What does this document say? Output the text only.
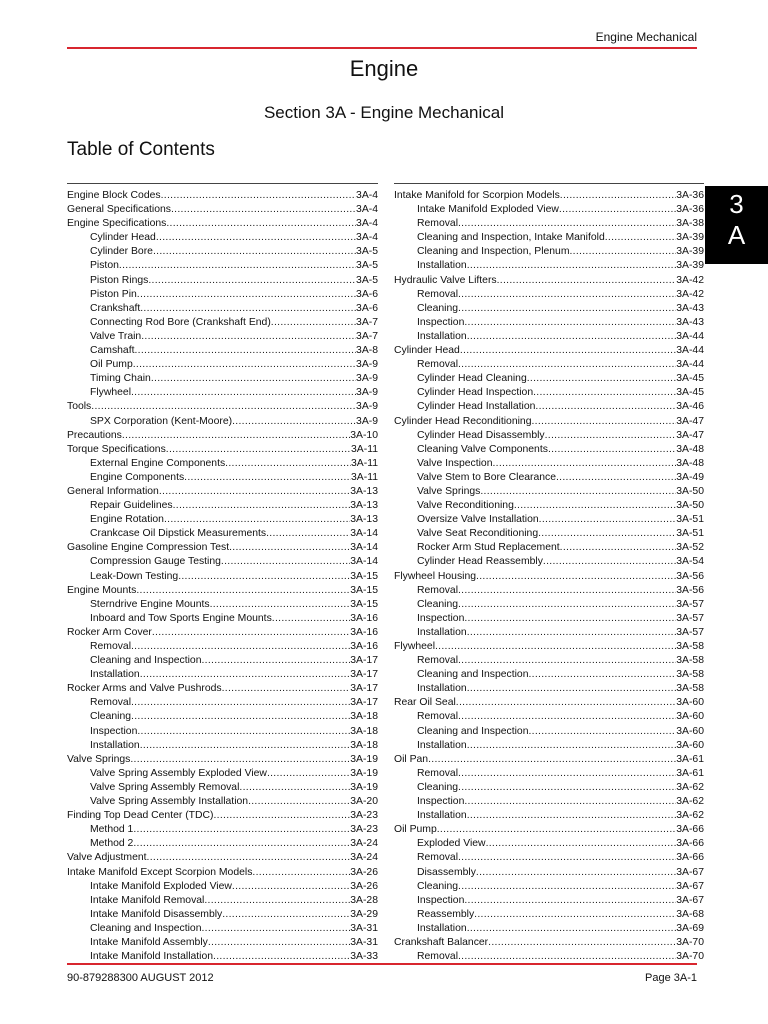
Engine Mechanical
Engine
Section 3A - Engine Mechanical
Table of Contents
Engine Block Codes .....	3A-4
General Specifications .....	3A-4
Engine Specifications .....	3A-4
Cylinder Head .....	3A-4
Cylinder Bore .....	3A-5
Piston .....	3A-5
Piston Rings .....	3A-5
Piston Pin .....	3A-6
Crankshaft .....	3A-6
Connecting Rod Bore (Crankshaft End) .....	3A-7
Valve Train .....	3A-7
Camshaft .....	3A-8
Oil Pump .....	3A-9
Timing Chain .....	3A-9
Flywheel .....	3A-9
Tools .....	3A-9
SPX Corporation (Kent-Moore) .....	3A-9
Precautions .....	3A-10
Torque Specifications .....	3A-11
External Engine Components .....	3A-11
Engine Components .....	3A-11
General Information .....	3A-13
Repair Guidelines .....	3A-13
Engine Rotation .....	3A-13
Crankcase Oil Dipstick Measurements .....	3A-14
Gasoline Engine Compression Test .....	3A-14
Compression Gauge Testing .....	3A-14
Leak-Down Testing .....	3A-15
Engine Mounts .....	3A-15
Sterndrive Engine Mounts .....	3A-15
Inboard and Tow Sports Engine Mounts .....	3A-16
Rocker Arm Cover .....	3A-16
Removal .....	3A-16
Cleaning and Inspection .....	3A-17
Installation .....	3A-17
Rocker Arms and Valve Pushrods .....	3A-17
Removal .....	3A-17
Cleaning .....	3A-18
Inspection .....	3A-18
Installation .....	3A-18
Valve Springs .....	3A-19
Valve Spring Assembly Exploded View .....	3A-19
Valve Spring Assembly Removal .....	3A-19
Valve Spring Assembly Installation .....	3A-20
Finding Top Dead Center (TDC) .....	3A-23
Method 1 .....	3A-23
Method 2 .....	3A-24
Valve Adjustment .....	3A-24
Intake Manifold Except Scorpion Models .....	3A-26
Intake Manifold Exploded View .....	3A-26
Intake Manifold Removal .....	3A-28
Intake Manifold Disassembly .....	3A-29
Cleaning and Inspection .....	3A-31
Intake Manifold Assembly .....	3A-31
Intake Manifold Installation .....	3A-33
Intake Manifold for Scorpion Models .....	3A-36
Intake Manifold Exploded View .....	3A-36
Removal .....	3A-38
Cleaning and Inspection, Intake Manifold .....	3A-39
Cleaning and Inspection, Plenum .....	3A-39
Installation .....	3A-39
Hydraulic Valve Lifters .....	3A-42
Removal .....	3A-42
Cleaning .....	3A-43
Inspection .....	3A-43
Installation .....	3A-44
Cylinder Head .....	3A-44
Removal .....	3A-44
Cylinder Head Cleaning .....	3A-45
Cylinder Head Inspection .....	3A-45
Cylinder Head Installation .....	3A-46
Cylinder Head Reconditioning .....	3A-47
Cylinder Head Disassembly .....	3A-47
Cleaning Valve Components .....	3A-48
Valve Inspection .....	3A-48
Valve Stem to Bore Clearance .....	3A-49
Valve Springs .....	3A-50
Valve Reconditioning .....	3A-50
Oversize Valve Installation .....	3A-51
Valve Seat Reconditioning .....	3A-51
Rocker Arm Stud Replacement .....	3A-52
Cylinder Head Reassembly .....	3A-54
Flywheel Housing .....	3A-56
Removal .....	3A-56
Cleaning .....	3A-57
Inspection .....	3A-57
Installation .....	3A-57
Flywheel .....	3A-58
Removal .....	3A-58
Cleaning and Inspection .....	3A-58
Installation .....	3A-58
Rear Oil Seal .....	3A-60
Removal .....	3A-60
Cleaning and Inspection .....	3A-60
Installation .....	3A-60
Oil Pan .....	3A-61
Removal .....	3A-61
Cleaning .....	3A-62
Inspection .....	3A-62
Installation .....	3A-62
Oil Pump .....	3A-66
Exploded View .....	3A-66
Removal .....	3A-66
Disassembly .....	3A-67
Cleaning .....	3A-67
Inspection .....	3A-67
Reassembly .....	3A-68
Installation .....	3A-69
Crankshaft Balancer .....	3A-70
Removal .....	3A-70
3
A
90-879288300 AUGUST 2012	Page 3A-1
